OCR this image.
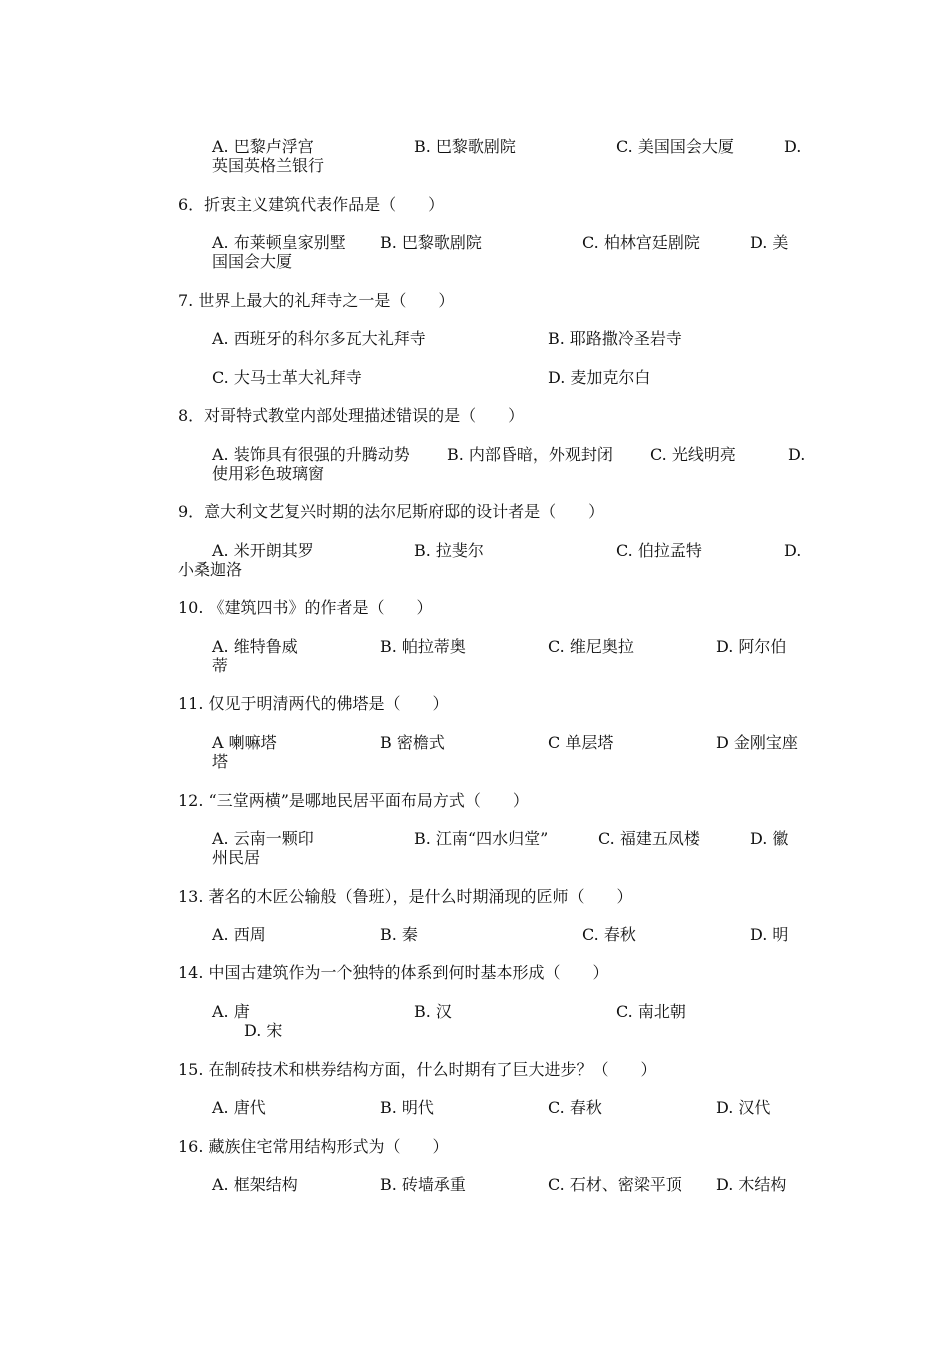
A. 巴黎卢浮宫	B. 巴黎歌剧院	C. 美国国会大厦	D.
英国英格兰银行
6．折衷主义建筑代表作品是（　　）
A. 布莱顿皇家别墅 B. 巴黎歌剧院	C. 柏林宫廷剧院	D. 美
国国会大厦
7. 世界上最大的礼拜寺之一是（　　）
A. 西班牙的科尔多瓦大礼拜寺	B. 耶路撒冷圣岩寺
C. 大马士革大礼拜寺	D. 麦加克尔白
8．对哥特式教堂内部处理描述错误的是（　　）
A. 装饰具有很强的升腾动势 B. 内部昏暗，外观封闭 C. 光线明亮	D.
使用彩色玻璃窗
9．意大利文艺复兴时期的法尔尼斯府邸的设计者是（　　）
A. 米开朗其罗	B. 拉斐尔	C. 伯拉孟特	D.
小桑迦洛
10. 《建筑四书》的作者是（　　）
A. 维特鲁威	B. 帕拉蒂奥	C. 维尼奥拉	D. 阿尔伯
蒂
11. 仅见于明清两代的佛塔是（　　）
A 喇嘛塔	B 密檐式	C 单层塔	D 金刚宝座
塔
12. “三堂两横”是哪地民居平面布局方式（　　）
A. 云南一颗印	B. 江南“四水归堂”	C. 福建五凤楼	D. 徽
州民居
13. 著名的木匠公输般（鲁班），是什么时期涌现的匠师（　　）
A. 西周	B. 秦	C. 春秋	D. 明
14. 中国古建筑作为一个独特的体系到何时基本形成（　　）
A. 唐	B. 汉	C. 南北朝
D. 宋
15. 在制砖技术和栱券结构方面，什么时期有了巨大进步？（　　）
A. 唐代	B. 明代	C. 春秋	D. 汉代
16. 藏族住宅常用结构形式为（　　）
A. 框架结构	B. 砖墙承重	C. 石材、密梁平顶 D. 木结构
